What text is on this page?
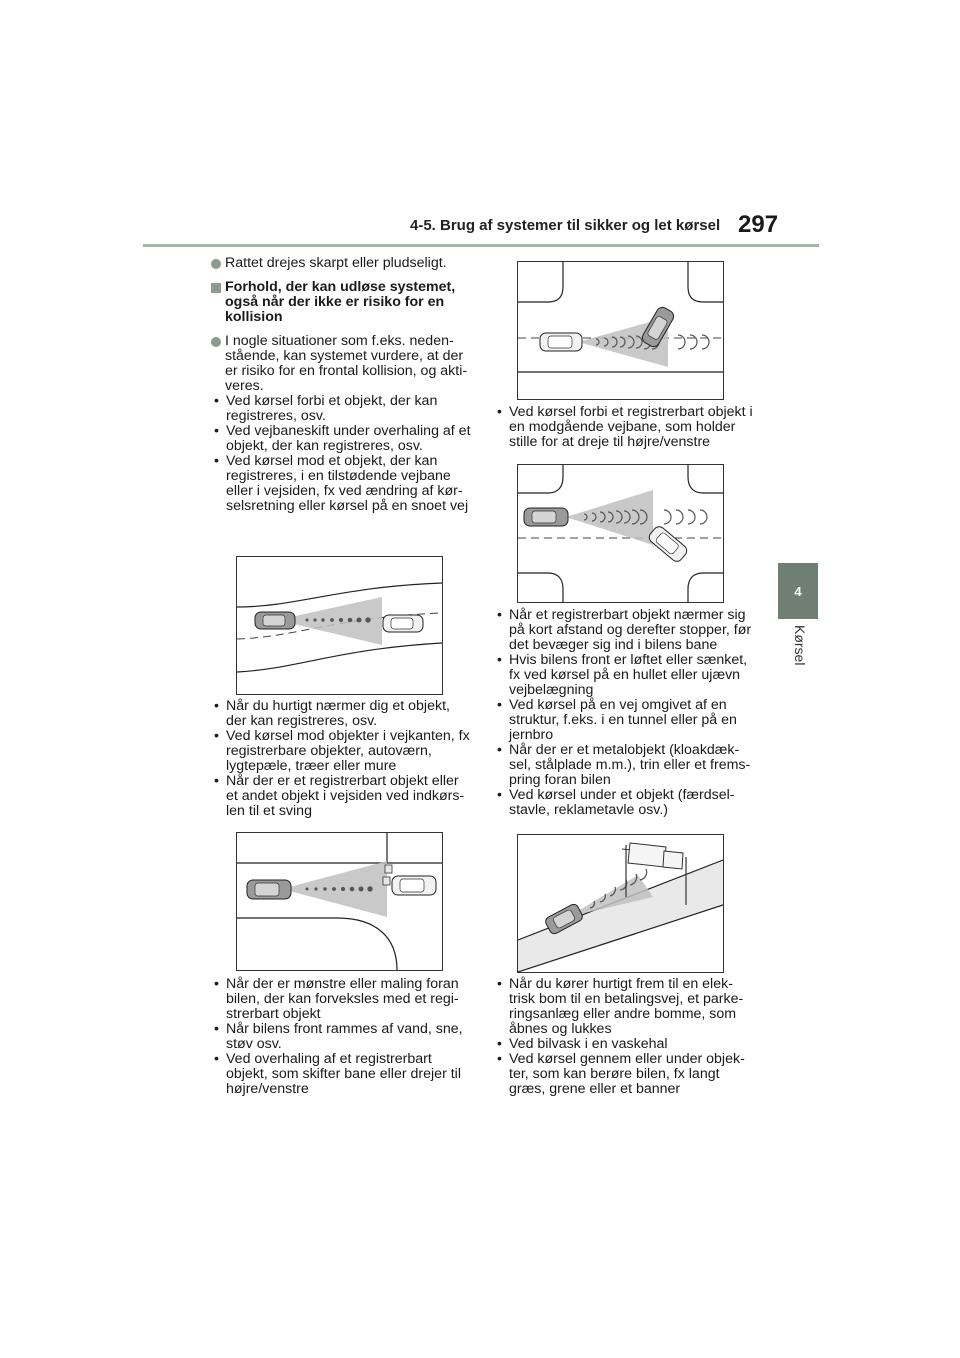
4-5. Brug af systemer til sikker og let kørsel 297
4
Kørsel
Rattet drejes skarpt eller pludseligt.
Forhold, der kan udløse systemet, også når der ikke er risiko for en kollision
I nogle situationer som f.eks. neden-stående, kan systemet vurdere, at der er risiko for en frontal kollision, og akti-veres.
• Ved kørsel forbi et objekt, der kan registreres, osv.
• Ved vejbaneskift under overhaling af et objekt, der kan registreres, osv.
• Ved kørsel mod et objekt, der kan registreres, i en tilstødende vejbane eller i vejsiden, fx ved ændring af kør-selsretning eller kørsel på en snoet vej
• Når du hurtigt nærmer dig et objekt, der kan registreres, osv.
• Ved kørsel mod objekter i vejkanten, fx registrerbare objekter, autoværn, lygtepæle, træer eller mure
• Når der er et registrerbart objekt eller et andet objekt i vejsiden ved indkørs-len til et sving
• Når der er mønstre eller maling foran bilen, der kan forveksles med et regi-strerbart objekt
• Når bilens front rammes af vand, sne, støv osv.
• Ved overhaling af et registrerbart objekt, som skifter bane eller drejer til højre/venstre
• Ved kørsel forbi et registrerbart objekt i en modgående vejbane, som holder stille for at dreje til højre/venstre
• Når et registrerbart objekt nærmer sig på kort afstand og derefter stopper, før det bevæger sig ind i bilens bane
• Hvis bilens front er løftet eller sænket, fx ved kørsel på en hullet eller ujævn vejbelægning
• Ved kørsel på en vej omgivet af en struktur, f.eks. i en tunnel eller på en jernbro
• Når der er et metalobjekt (kloakdæk-sel, stålplade m.m.), trin eller et frems-pring foran bilen
• Ved kørsel under et objekt (færdsel-stavle, reklametavle osv.)
• Når du kører hurtigt frem til en elek-trisk bom til en betalingsvej, et parke-ringsanlæg eller andre bomme, som åbnes og lukkes
• Ved bilvask i en vaskehal
• Ved kørsel gennem eller under objek-ter, som kan berøre bilen, fx langt græs, grene eller et banner
